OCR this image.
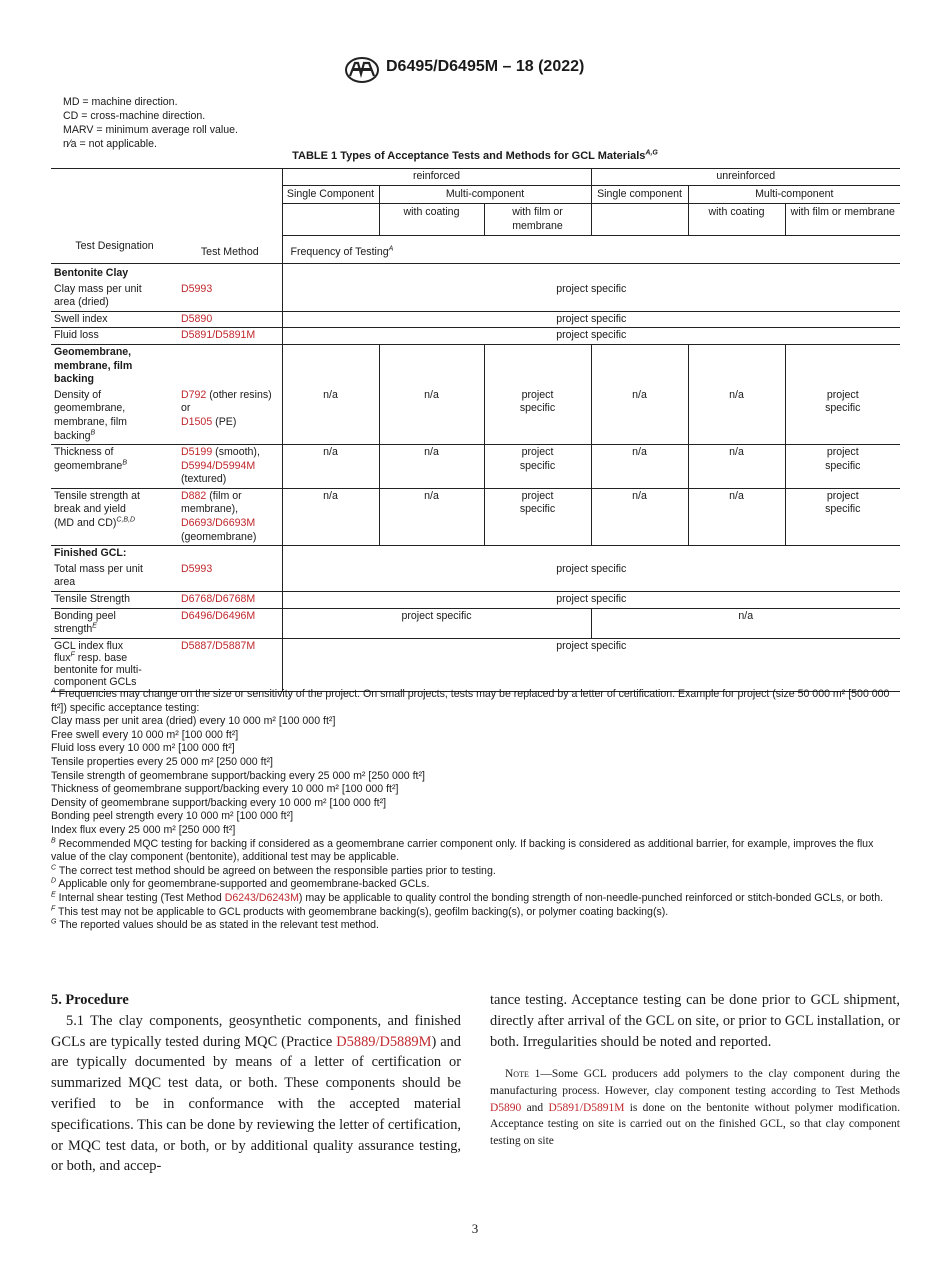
D6495/D6495M – 18 (2022)
MD = machine direction.
CD = cross-machine direction.
MARV = minimum average roll value.
n⁄a = not applicable.
TABLE 1 Types of Acceptance Tests and Methods for GCL Materials$^{A,G}$
		reinforced			unreinforced		
		Single Component	Multi-component		Single component	Multi-component	
			with coating	with film or membrane		with coating	with film or membrane
Test Designation	Test Method	Frequency of Testing$^A$
Bentonite Clay							

Clay mass per unit area (dried)	D5993	project specific					
Swell index	D5890	project specific					
Fluid loss	D5891/D5891M	project specific					

Geomembrane, membrane, film backing							

Density of geomembrane, membrane, film backing$^B$	D792 (other resins) or
D1505 (PE)	n/a	n/a	project specific	n/a	n/a	project specific

Thickness of geomembrane$^B$	D5199 (smooth),
D5994/D5994M
(textured)	n/a	n/a	project specific	n/a	n/a	project specific

Tensile strength at break and yield (MD and CD)$^{C,B,D}$	D882 (film or membrane),
D6693/D6693M
(geomembrane)	n/a	n/a	project specific	n/a	n/a	project specific

Finished GCL:							

Total mass per unit area	D5993	project specific					
Tensile Strength	D6768/D6768M	project specific					

Bonding peel strength$^E$	D6496/D6496M	project specific			n/a		

GCL index flux
flux$^F$ resp. base bentonite for multi-component GCLs	D5887/D5887M	project specific					

$^A$ Frequencies may change on the size or sensitivity of the project. On small projects, tests may be replaced by a letter of certification. Example for project (size 50 000 m² [500 000 ft²]) specific acceptance testing:

Clay mass per unit area (dried) every 10 000 m² [100 000 ft²]

Free swell every 10 000 m² [100 000 ft²]

Fluid loss every 10 000 m² [100 000 ft²]

Tensile properties every 25 000 m² [250 000 ft²]

Tensile strength of geomembrane support/backing every 25 000 m² [250 000 ft²]

Thickness of geomembrane support/backing every 10 000 m² [100 000 ft²]

Density of geomembrane support/backing every 10 000 m² [100 000 ft²]

Bonding peel strength every 10 000 m² [100 000 ft²]

Index flux every 25 000 m² [250 000 ft²]

$^B$ Recommended MQC testing for backing if considered as a geomembrane carrier component only. If backing is considered as additional barrier, for example, improves the flux value of the clay component (bentonite), additional test may be applicable.

$^C$ The correct test method should be agreed on between the responsible parties prior to testing.

$^D$ Applicable only for geomembrane-supported and geomembrane-backed GCLs.

$^E$ Internal shear testing (Test Method D6243/D6243M) may be applicable to quality control the bonding strength of non-needle-punched reinforced or stitch-bonded GCLs, or both.

$^F$ This test may not be applicable to GCL products with geomembrane backing(s), geofilm backing(s), or polymer coating backing(s).

$^G$ The reported values should be as stated in the relevant test method.

5. Procedure

5.1 The clay components, geosynthetic components, and finished GCLs are typically tested during MQC (Practice D5889/D5889M) and are typically documented by means of a letter of certification or summarized MQC test data, or both. These components should be verified to be in conformance with the accepted material specifications. This can be done by reviewing the letter of certification, or MQC test data, or both, or by additional quality assurance testing, or both, and accep-

tance testing. Acceptance testing can be done prior to GCL shipment, directly after arrival of the GCL on site, or prior to GCL installation, or both. Irregularities should be noted and reported.

Note 1—Some GCL producers add polymers to the clay component during the manufacturing process. However, clay component testing according to Test Methods D5890 and D5891/D5891M is done on the bentonite without polymer modification. Acceptance testing on site is carried out on the finished GCL, so that clay component testing on site

3
